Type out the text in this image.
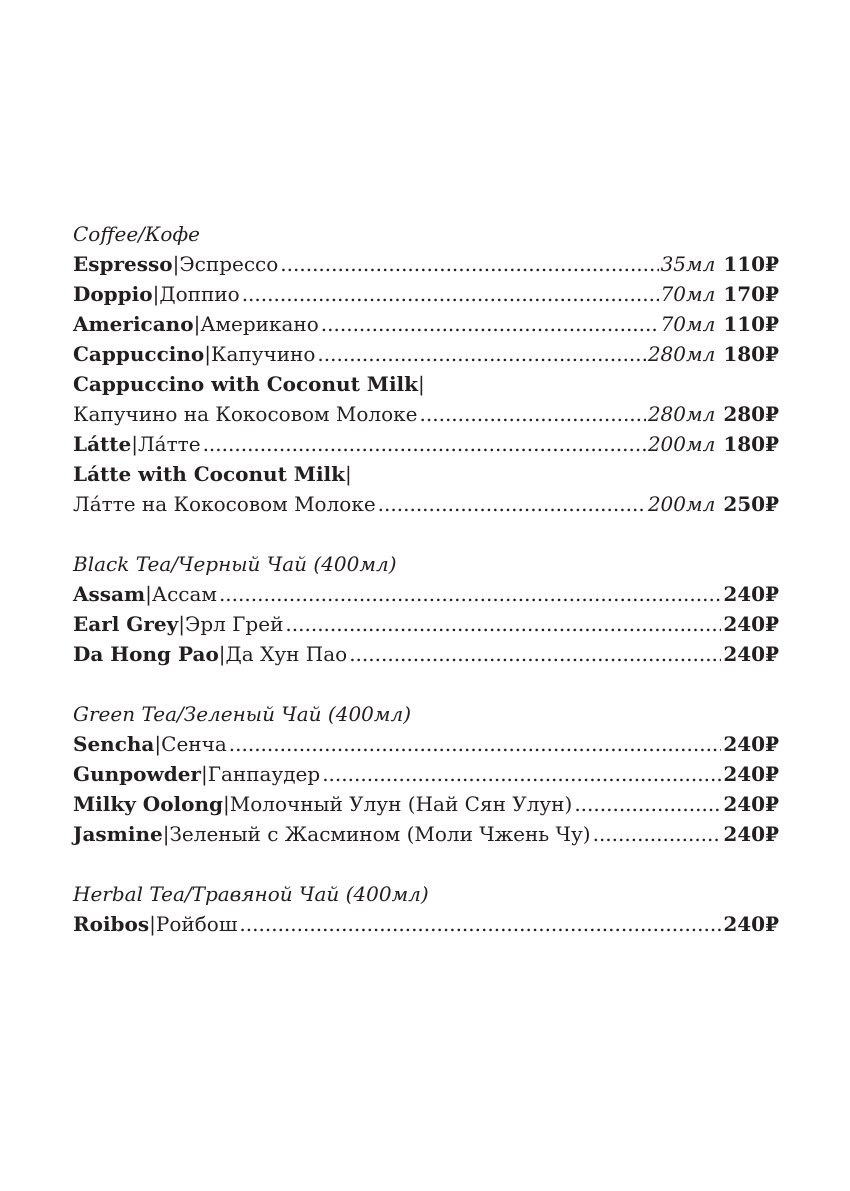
Coffee/Кофе
Espresso | Эспрессо .....	35мл 110₽
Doppio | Доппио .....	70мл 170₽
Americano | Американо .....	70мл 110₽
Cappuccino | Капучино .....	280мл 180₽
Cappuccino with Coconut Milk |
Капучино на Кокосовом Молоке .....	280мл 280₽
Látte | Ла́тте .....	200мл 180₽
Látte with Coconut Milk |
Ла́тте на Кокосовом Молоке .....	200мл 250₽
Black Tea/Черный Чай (400мл)
Assam | Ассам .....	240₽
Earl Grey | Эрл Грей .....	240₽
Da Hong Pao | Да Хун Пао .....	240₽
Green Tea/Зеленый Чай (400мл)
Sencha | Сенча .....	240₽
Gunpowder | Ганпаудер .....	240₽
Milky Oolong | Молочный Улун (Най Сян Улун) .....	240₽
Jasmine | Зеленый с Жасмином (Моли Чжень Чу) .....	240₽
Herbal Tea/Травяной Чай (400мл)
Roibos | Ройбош .....	240₽
